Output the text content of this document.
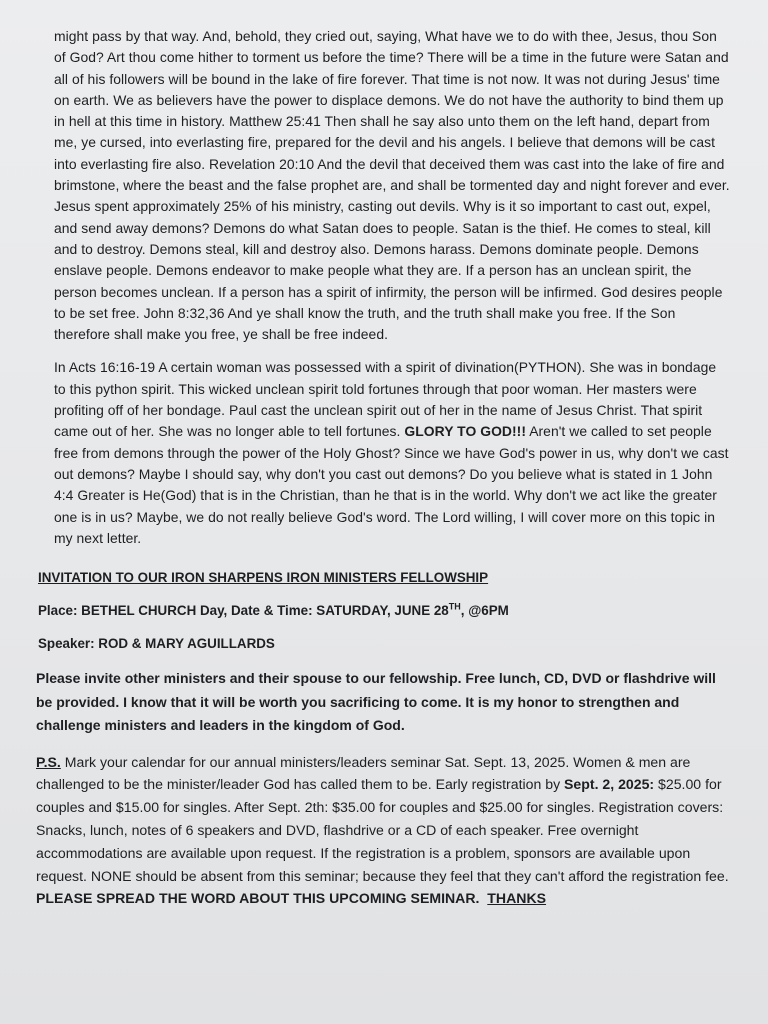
might pass by that way. And, behold, they cried out, saying, What have we to do with thee, Jesus, thou Son of God? Art thou come hither to torment us before the time? There will be a time in the future were Satan and all of his followers will be bound in the lake of fire forever. That time is not now. It was not during Jesus' time on earth. We as believers have the power to displace demons. We do not have the authority to bind them up in hell at this time in history. Matthew 25:41 Then shall he say also unto them on the left hand, depart from me, ye cursed, into everlasting fire, prepared for the devil and his angels. I believe that demons will be cast into everlasting fire also. Revelation 20:10 And the devil that deceived them was cast into the lake of fire and brimstone, where the beast and the false prophet are, and shall be tormented day and night forever and ever. Jesus spent approximately 25% of his ministry, casting out devils. Why is it so important to cast out, expel, and send away demons? Demons do what Satan does to people. Satan is the thief. He comes to steal, kill and to destroy. Demons steal, kill and destroy also. Demons harass. Demons dominate people. Demons enslave people. Demons endeavor to make people what they are. If a person has an unclean spirit, the person becomes unclean. If a person has a spirit of infirmity, the person will be infirmed. God desires people to be set free. John 8:32,36 And ye shall know the truth, and the truth shall make you free. If the Son therefore shall make you free, ye shall be free indeed.

In Acts 16:16-19 A certain woman was possessed with a spirit of divination(PYTHON). She was in bondage to this python spirit. This wicked unclean spirit told fortunes through that poor woman. Her masters were profiting off of her bondage. Paul cast the unclean spirit out of her in the name of Jesus Christ. That spirit came out of her. She was no longer able to tell fortunes. GLORY TO GOD!!! Aren't we called to set people free from demons through the power of the Holy Ghost? Since we have God's power in us, why don't we cast out demons? Maybe I should say, why don't you cast out demons? Do you believe what is stated in 1 John 4:4 Greater is He(God) that is in the Christian, than he that is in the world. Why don't we act like the greater one is in us? Maybe, we do not really believe God's word. The Lord willing, I will cover more on this topic in my next letter.

INVITATION TO OUR IRON SHARPENS IRON MINISTERS FELLOWSHIP
Place: BETHEL CHURCH Day, Date & Time: SATURDAY, JUNE 28TH, @6PM
Speaker: ROD & MARY AGUILLARDS

Please invite other ministers and their spouse to our fellowship. Free lunch, CD, DVD or flashdrive will be provided. I know that it will be worth you sacrificing to come. It is my honor to strengthen and challenge ministers and leaders in the kingdom of God.

P.S. Mark your calendar for our annual ministers/leaders seminar Sat. Sept. 13, 2025. Women & men are challenged to be the minister/leader God has called them to be. Early registration by Sept. 2, 2025: $25.00 for couples and $15.00 for singles. After Sept. 2th: $35.00 for couples and $25.00 for singles. Registration covers: Snacks, lunch, notes of 6 speakers and DVD, flashdrive or a CD of each speaker. Free overnight accommodations are available upon request. If the registration is a problem, sponsors are available upon request. NONE should be absent from this seminar; because they feel that they can't afford the registration fee. PLEASE SPREAD THE WORD ABOUT THIS UPCOMING SEMINAR. THANKS
